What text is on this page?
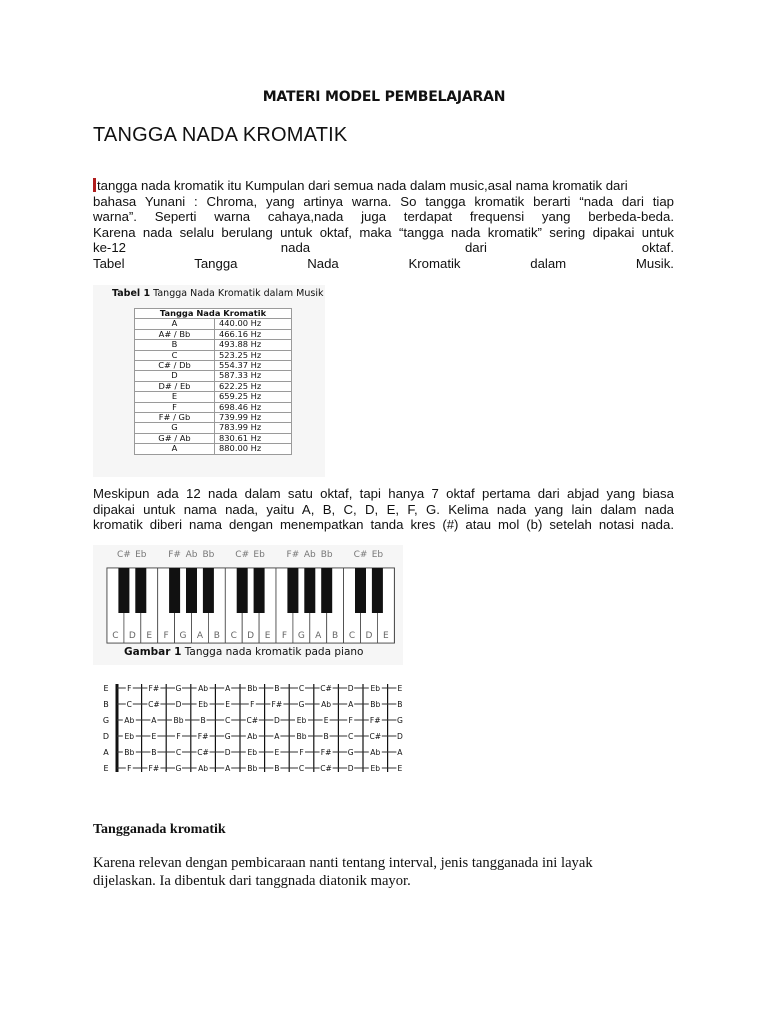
MATERI MODEL PEMBELAJARAN
TANGGA NADA KROMATIK
tangga nada kromatik itu Kumpulan dari semua nada dalam music,asal nama kromatik dari
bahasa Yunani : Chroma, yang artinya warna. So tangga kromatik berarti “nada dari tiap
warna”. Seperti warna cahaya,nada juga terdapat frequensi yang berbeda-beda.
Karena nada selalu berulang untuk oktaf, maka “tangga nada kromatik” sering dipakai untuk
ke-12	nada	dari	oktaf.
Tabel	Tangga	Nada	Kromatik	dalam	Musik.
Tabel 1 Tangga Nada Kromatik dalam Musik
Tangga Nada Kromatik	
A	440.00 Hz
A# / Bb	466.16 Hz
B	493.88 Hz
C	523.25 Hz
C# / Db	554.37 Hz
D	587.33 Hz
D# / Eb	622.25 Hz
E	659.25 Hz
F	698.46 Hz
F# / Gb	739.99 Hz
G	783.99 Hz
G# / Ab	830.61 Hz
A	880.00 Hz
Meskipun ada 12 nada dalam satu oktaf, tapi hanya 7 oktaf pertama dari abjad yang biasa
dipakai untuk nama nada, yaitu A, B, C, D, E, F, G. Kelima nada yang lain dalam nada
kromatik diberi nama dengan menempatkan tanda kres (#) atau mol (b) setelah notasi nada.
C D E F G A B C D E F G A B C D E
C# Eb F# Ab Bb C# Eb F# Ab Bb C# Eb
Gambar 1 Tangga nada kromatik pada piano
E F F# G Ab A Bb B	C C# D Eb E
B C C# D Eb E	F F# G Ab A Bb B
G Ab A Bb B	C C# D Eb E	F F# G
D Eb E	F F# G Ab A Bb B	C C# D
A Bb B	C C# D Eb E	F F# G Ab A
E F F# G Ab A Bb B	C C# D Eb E
Tangganada kromatik
Karena relevan dengan pembicaraan nanti tentang interval, jenis tangganada ini layak
dijelaskan. Ia dibentuk dari tanggnada diatonik mayor.
